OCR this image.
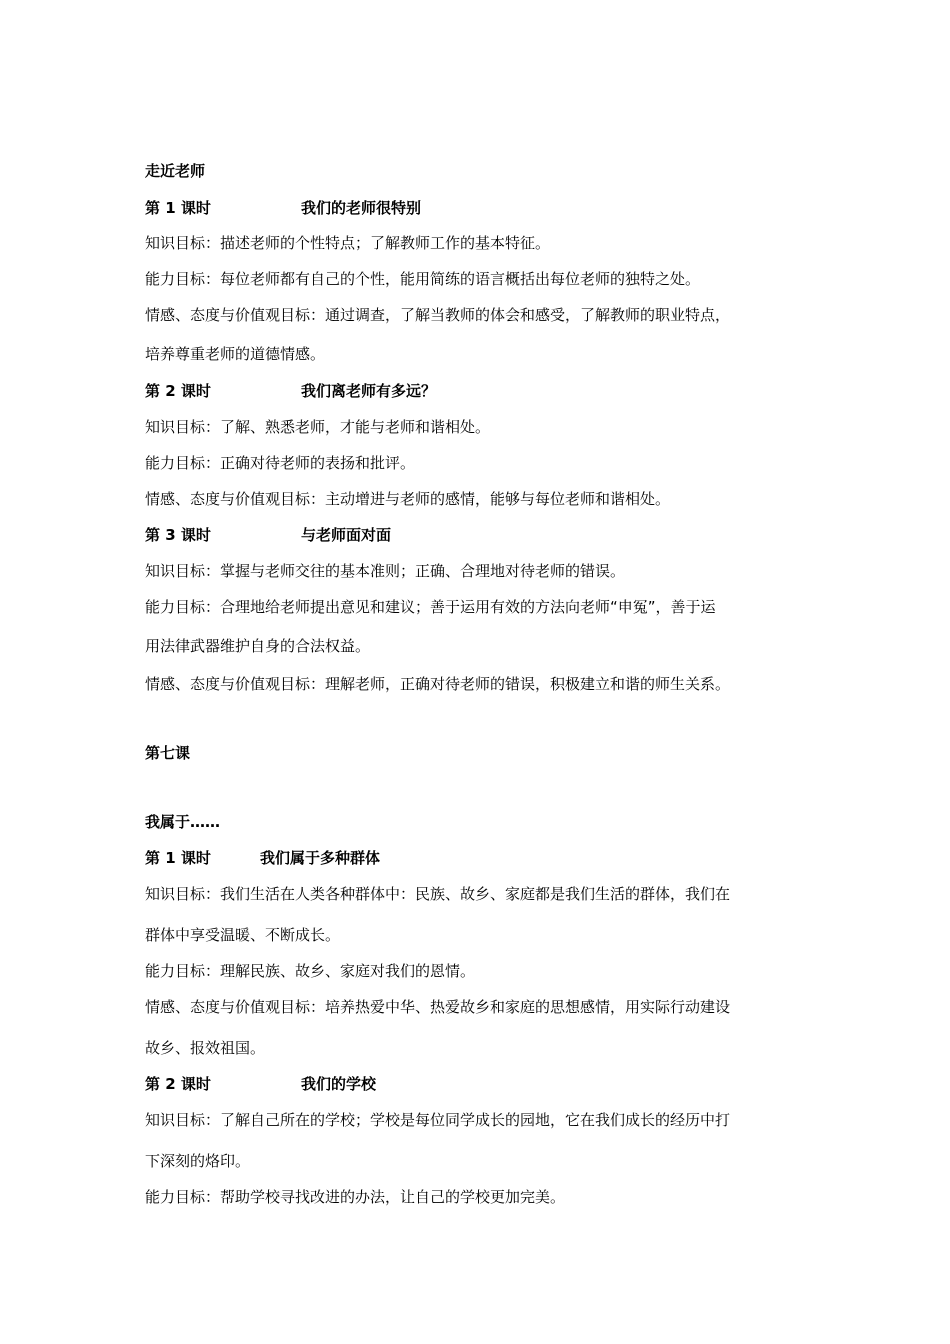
走近老师
第 1 课时	我们的老师很特别
知识目标：描述老师的个性特点；了解教师工作的基本特征。
能力目标：每位老师都有自己的个性，能用简练的语言概括出每位老师的独特之处。
情感、态度与价值观目标：通过调查，了解当教师的体会和感受，了解教师的职业特点，
培养尊重老师的道德情感。
第 2 课时	我们离老师有多远？
知识目标：了解、熟悉老师，才能与老师和谐相处。
能力目标：正确对待老师的表扬和批评。
情感、态度与价值观目标：主动增进与老师的感情，能够与每位老师和谐相处。
第 3 课时	与老师面对面
知识目标：掌握与老师交往的基本准则；正确、合理地对待老师的错误。
能力目标：合理地给老师提出意见和建议；善于运用有效的方法向老师“申冤”，善于运
用法律武器维护自身的合法权益。
情感、态度与价值观目标：理解老师，正确对待老师的错误，积极建立和谐的师生关系。
第七课
我属于……
第 1 课时	我们属于多种群体
知识目标：我们生活在人类各种群体中：民族、故乡、家庭都是我们生活的群体，我们在
群体中享受温暖、不断成长。
能力目标：理解民族、故乡、家庭对我们的恩情。
情感、态度与价值观目标：培养热爱中华、热爱故乡和家庭的思想感情，用实际行动建设
故乡、报效祖国。
第 2 课时	我们的学校
知识目标：了解自己所在的学校；学校是每位同学成长的园地，它在我们成长的经历中打
下深刻的烙印。
能力目标：帮助学校寻找改进的办法，让自己的学校更加完美。
